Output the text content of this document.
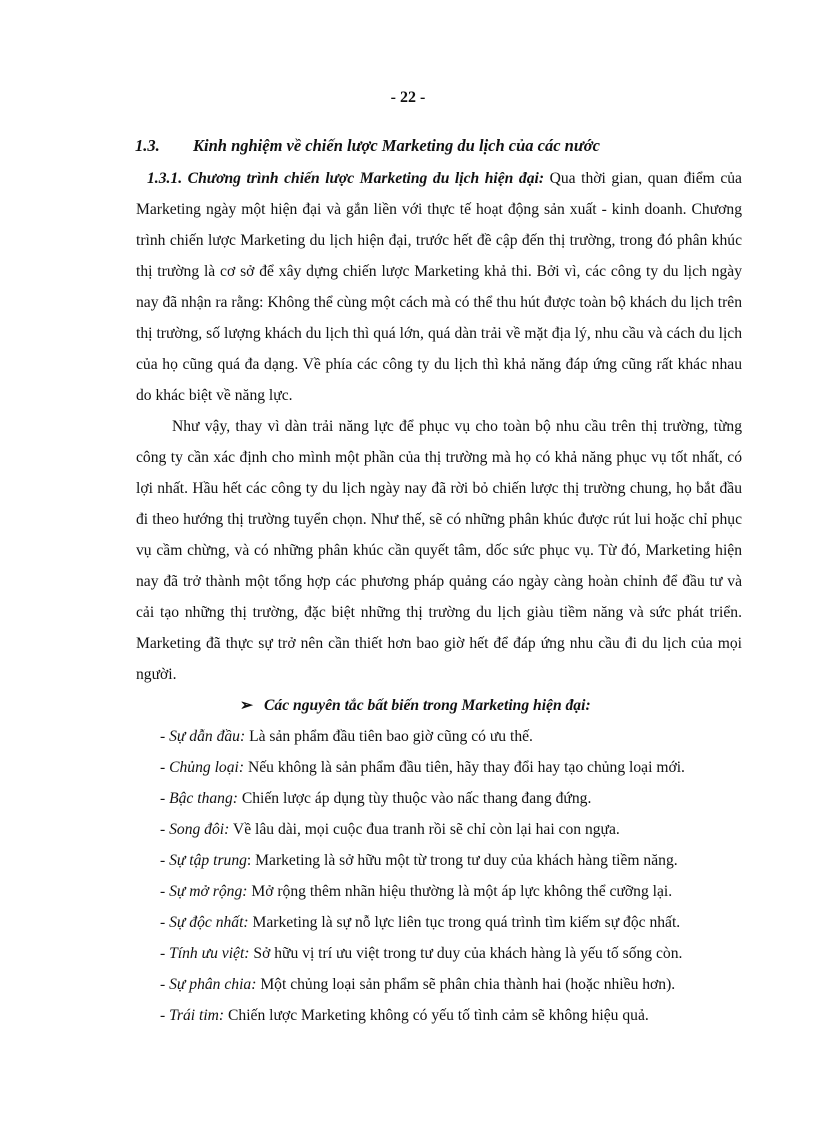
- 22 -
1.3. Kinh nghiệm về chiến lược Marketing du lịch của các nước

1.3.1. Chương trình chiến lược Marketing du lịch hiện đại: Qua thời gian, quan điểm của Marketing ngày một hiện đại và gắn liền với thực tế hoạt động sản xuất - kinh doanh. Chương trình chiến lược Marketing du lịch hiện đại, trước hết đề cập đến thị trường, trong đó phân khúc thị trường là cơ sở để xây dựng chiến lược Marketing khả thi. Bởi vì, các công ty du lịch ngày nay đã nhận ra rằng: Không thể cùng một cách mà có thể thu hút được toàn bộ khách du lịch trên thị trường, số lượng khách du lịch thì quá lớn, quá dàn trải về mặt địa lý, nhu cầu và cách du lịch của họ cũng quá đa dạng. Về phía các công ty du lịch thì khả năng đáp ứng cũng rất khác nhau do khác biệt về năng lực.

Như vậy, thay vì dàn trải năng lực để phục vụ cho toàn bộ nhu cầu trên thị trường, từng công ty cần xác định cho mình một phần của thị trường mà họ có khả năng phục vụ tốt nhất, có lợi nhất. Hầu hết các công ty du lịch ngày nay đã rời bỏ chiến lược thị trường chung, họ bắt đầu đi theo hướng thị trường tuyển chọn. Như thế, sẽ có những phân khúc được rút lui hoặc chỉ phục vụ cầm chừng, và có những phân khúc cần quyết tâm, dốc sức phục vụ. Từ đó, Marketing hiện nay đã trở thành một tổng hợp các phương pháp quảng cáo ngày càng hoàn chỉnh để đầu tư và cải tạo những thị trường, đặc biệt những thị trường du lịch giàu tiềm năng và sức phát triển. Marketing đã thực sự trở nên cần thiết hơn bao giờ hết để đáp ứng nhu cầu đi du lịch của mọi người.

➢ Các nguyên tắc bất biến trong Marketing hiện đại:

- Sự dẫn đầu: Là sản phẩm đầu tiên bao giờ cũng có ưu thế.

- Chủng loại: Nếu không là sản phẩm đầu tiên, hãy thay đổi hay tạo chủng loại mới.

- Bậc thang: Chiến lược áp dụng tùy thuộc vào nấc thang đang đứng.

- Song đôi: Về lâu dài, mọi cuộc đua tranh rồi sẽ chỉ còn lại hai con ngựa.

- Sự tập trung: Marketing là sở hữu một từ trong tư duy của khách hàng tiềm năng.

- Sự mở rộng: Mở rộng thêm nhãn hiệu thường là một áp lực không thể cưỡng lại.

- Sự độc nhất: Marketing là sự nỗ lực liên tục trong quá trình tìm kiếm sự độc nhất.

- Tính ưu việt: Sở hữu vị trí ưu việt trong tư duy của khách hàng là yếu tố sống còn.

- Sự phân chia: Một chủng loại sản phẩm sẽ phân chia thành hai (hoặc nhiều hơn).

- Trái tim: Chiến lược Marketing không có yếu tố tình cảm sẽ không hiệu quả.
